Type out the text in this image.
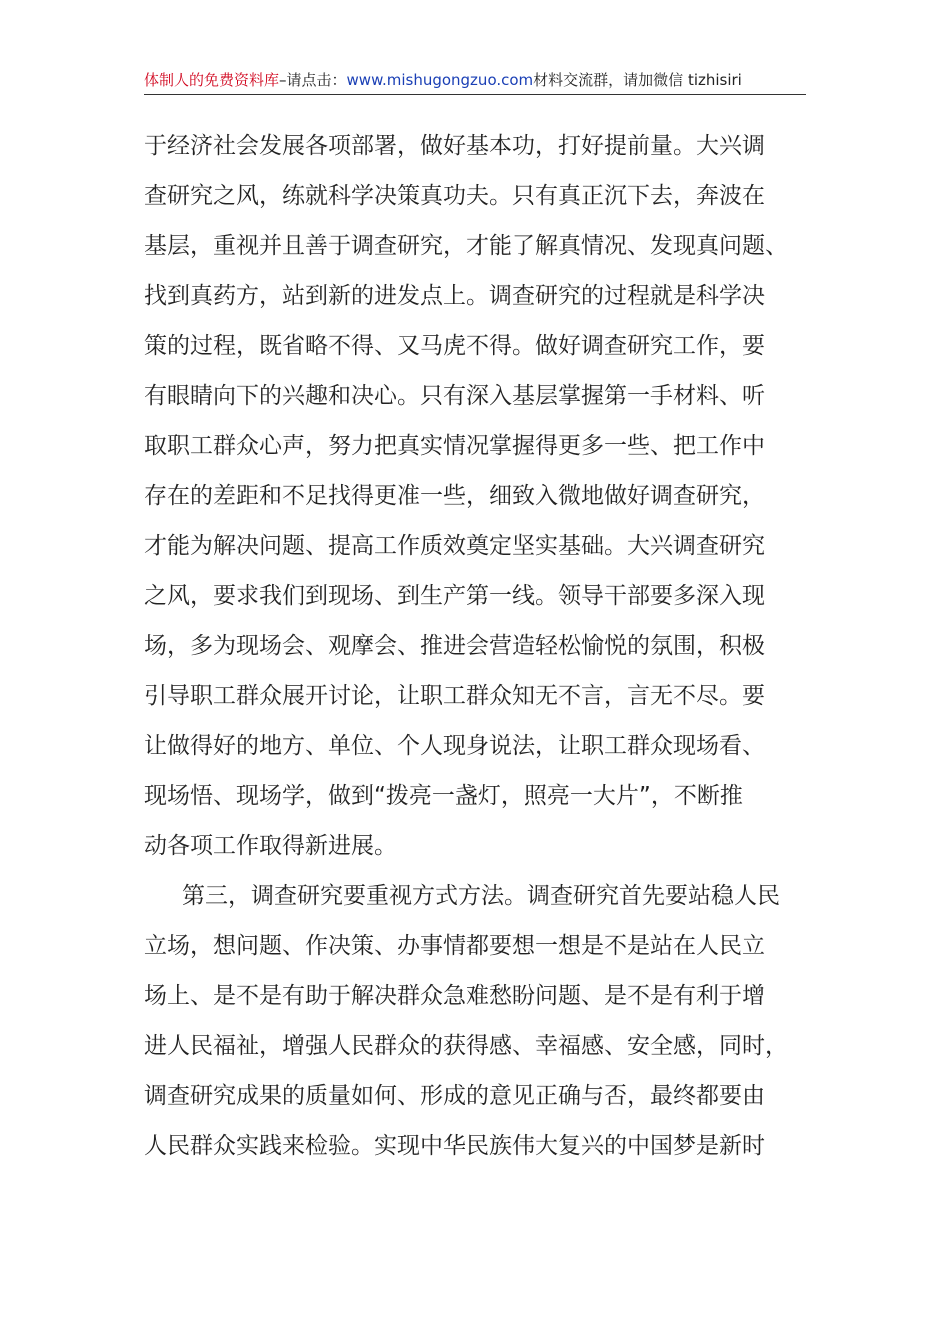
体制人的免费资料库–请点击：www.mishugongzuo.com材料交流群，请加微信 tizhisiri
于经济社会发展各项部署，做好基本功，打好提前量。大兴调
查研究之风，练就科学决策真功夫。只有真正沉下去，奔波在
基层，重视并且善于调查研究，才能了解真情况、发现真问题、
找到真药方，站到新的进发点上。调查研究的过程就是科学决
策的过程，既省略不得、又马虎不得。做好调查研究工作，要
有眼睛向下的兴趣和决心。只有深入基层掌握第一手材料、听
取职工群众心声，努力把真实情况掌握得更多一些、把工作中
存在的差距和不足找得更准一些，细致入微地做好调查研究，
才能为解决问题、提高工作质效奠定坚实基础。大兴调查研究
之风，要求我们到现场、到生产第一线。领导干部要多深入现
场，多为现场会、观摩会、推进会营造轻松愉悦的氛围，积极
引导职工群众展开讨论，让职工群众知无不言，言无不尽。要
让做得好的地方、单位、个人现身说法，让职工群众现场看、
现场悟、现场学，做到“拨亮一盏灯，照亮一大片”，不断推
动各项工作取得新进展。
第三，调查研究要重视方式方法。调查研究首先要站稳人民
立场，想问题、作决策、办事情都要想一想是不是站在人民立
场上、是不是有助于解决群众急难愁盼问题、是不是有利于增
进人民福祉，增强人民群众的获得感、幸福感、安全感，同时，
调查研究成果的质量如何、形成的意见正确与否，最终都要由
人民群众实践来检验。实现中华民族伟大复兴的中国梦是新时
